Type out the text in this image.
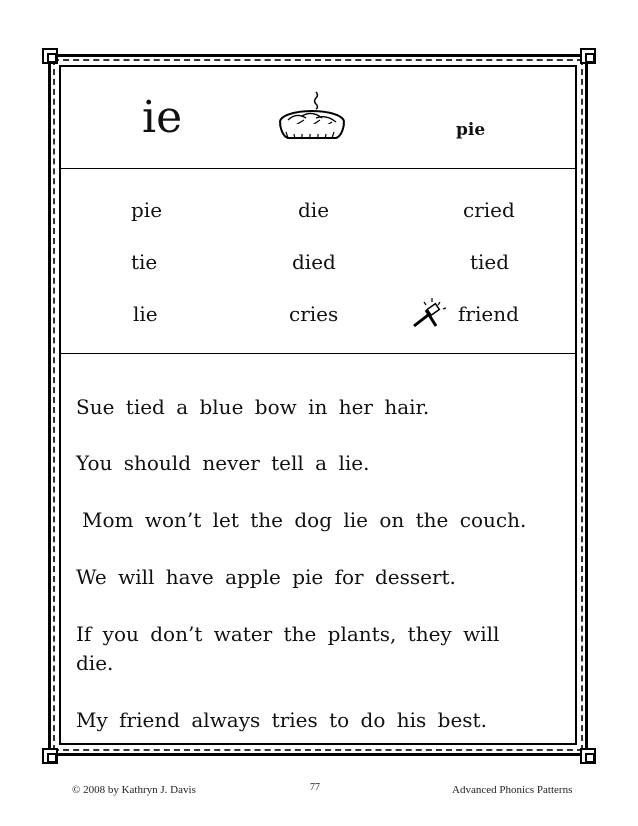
ie	pie
pie	die	cried
tie	died	tied
lie	cries	friend
Sue tied a blue bow in her hair.
You should never tell a lie.
Mom won’t let the dog lie on the couch.
We will have apple pie for dessert.
If you don’t water the plants, they will
die.
My friend always tries to do his best.
© 2008 by Kathryn J. Davis	77	Advanced Phonics Patterns
